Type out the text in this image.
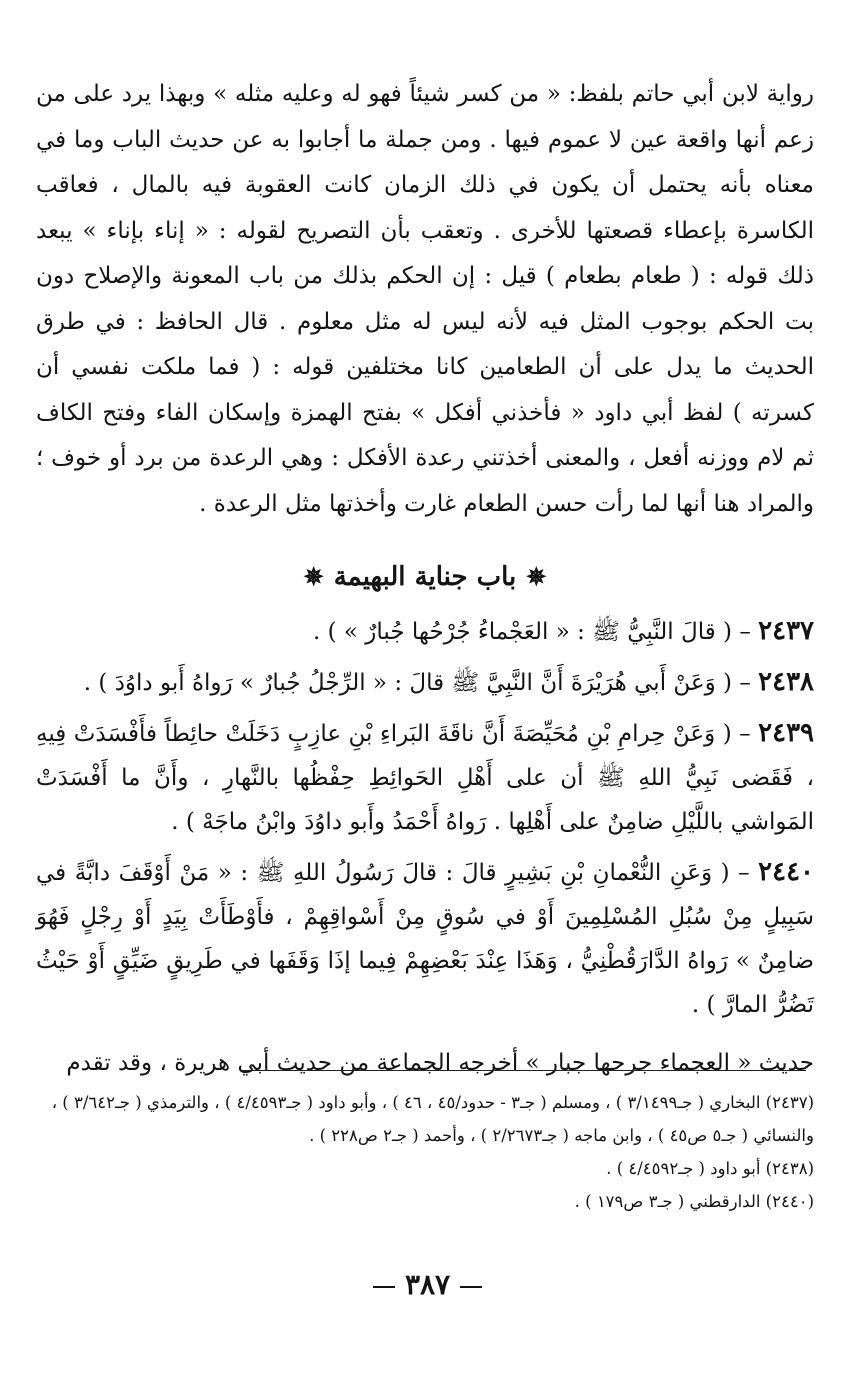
رواية لابن أبي حاتم بلفظ: « من كسر شيئاً فهو له وعليه مثله » وبهذا يرد على من زعم أنها واقعة عين لا عموم فيها . ومن جملة ما أجابوا به عن حديث الباب وما في معناه بأنه يحتمل أن يكون في ذلك الزمان كانت العقوبة فيه بالمال ، فعاقب الكاسرة بإعطاء قصعتها للأخرى . وتعقب بأن التصريح لقوله : « إناء بإناء » يبعد ذلك قوله : ( طعام بطعام ) قيل : إن الحكم بذلك من باب المعونة والإصلاح دون بت الحكم بوجوب المثل فيه لأنه ليس له مثل معلوم . قال الحافظ : في طرق الحديث ما يدل على أن الطعامين كانا مختلفين قوله : ( فما ملكت نفسي أن كسرته ) لفظ أبي داود « فأخذني أفكل » بفتح الهمزة وإسكان الفاء وفتح الكاف ثم لام ووزنه أفعل ، والمعنى أخذتني رعدة الأفكل : وهي الرعدة من برد أو خوف ؛ والمراد هنا أنها لما رأت حسن الطعام غارت وأخذتها مثل الرعدة .

✵باب جناية البهيمة✵

٢٤٣٧ – ( قالَ النَّبِيُّ ﷺ : « العَجْماءُ جُرْحُها جُبارٌ » ) .

٢٤٣٨ – ( وَعَنْ أَبي هُرَيْرَةَ أَنَّ النَّبِيَّ ﷺ قالَ : « الرِّجْلُ جُبارٌ » رَواهُ أَبو داوُدَ ) .

٢٤٣٩ – ( وَعَنْ حِرامِ بْنِ مُحَيِّصَةَ أَنَّ ناقَةَ البَراءِ بْنِ عازِبٍ دَخَلَتْ حائِطاً فأَفْسَدَتْ فِيهِ ، فَقَضى نَبِيُّ اللهِ ﷺ أن على أَهْلِ الحَوائِطِ حِفْظُها بالنَّهارِ ، وأَنَّ ما أَفْسَدَتْ المَواشي باللَّيْلِ ضامِنٌ على أَهْلِها . رَواهُ أَحْمَدُ وأَبو داوُدَ وابْنُ ماجَهْ ) .

٢٤٤٠ – ( وَعَنِ النُّعْمانِ بْنِ بَشِيرٍ قالَ : قالَ رَسُولُ اللهِ ﷺ : « مَنْ أَوْقَفَ دابَّةً في سَبِيلٍ مِنْ سُبُلِ المُسْلِمِينَ أَوْ في سُوقٍ مِنْ أَسْواقِهِمْ ، فأَوْطَأَتْ بِيَدٍ أَوْ رِجْلٍ فَهُوَ ضامِنٌ » رَواهُ الدَّارَقُطْنِيُّ ، وَهَذَا عِنْدَ بَعْضِهِمْ فِيما إذَا وَقَفَها في طَرِيقٍ ضَيِّقٍ أَوْ حَيْثُ تَضُرُّ المارَّ ) .

حديث « العجماء جرحها جبار » أخرجه الجماعة من حديث أبي هريرة ، وقد تقدم

(٢٤٣٧) البخاري ( جـ٣/١٤٩٩ ) ، ومسلم ( جـ٣ - حدود/٤٥ ، ٤٦ ) ، وأبو داود ( جـ٤/٤٥٩٣ ) ، والترمذي ( جـ٣/٦٤٢ ) ، والنسائي ( جـ٥ ص٤٥ ) ، وابن ماجه ( جـ٢/٢٦٧٣ ) ، وأحمد ( جـ٢ ص٢٢٨ ) .

(٢٤٣٨) أبو داود ( جـ٤/٤٥٩٢ ) .

(٢٤٤٠) الدارقطني ( جـ٣ ص١٧٩ ) .

٣٨٧
